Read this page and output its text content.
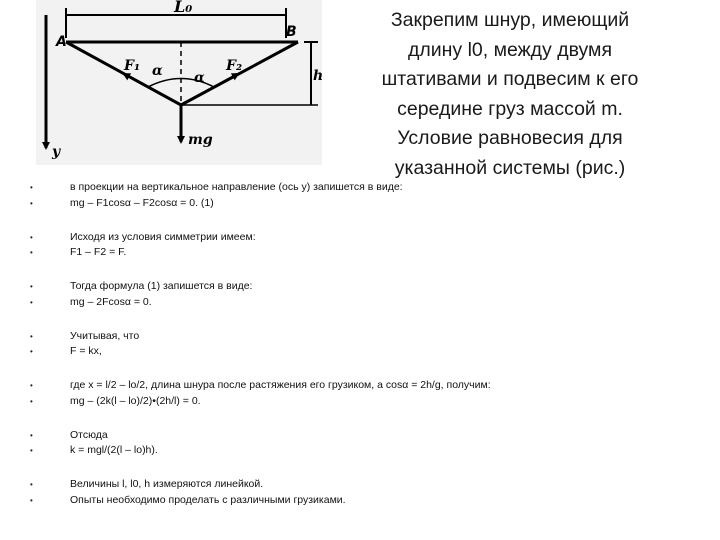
L₀
A
B
F₁	F₂
α α	h
mg
y
Закрепим шнур, имеющий
длину l0, между двумя
штативами и подвесим к его
середине груз массой m.
Условие равновесия для
указанной системы (рис.)
•	в проекции на вертикальное направление (ось у) запишется в виде:
•	mg – F1cosα – F2cosα = 0. (1)
•	Исходя из условия симметрии имеем:
•	F1 – F2 = F.
•	Тогда формула (1) запишется в виде:
•	mg – 2Fcosα = 0.
•	Учитывая, что
•	F = kx,
•	где x = l/2 – lo/2, длина шнура после растяжения его грузиком, а cosα = 2h/g, получим:
•	mg – (2k(l – lo)/2)•(2h/l) = 0.
•	Отсюда
•	k = mgl/(2(l – lo)h).
•	Величины l, l0, h измеряются линейкой.
•	Опыты необходимо проделать с различными грузиками.
